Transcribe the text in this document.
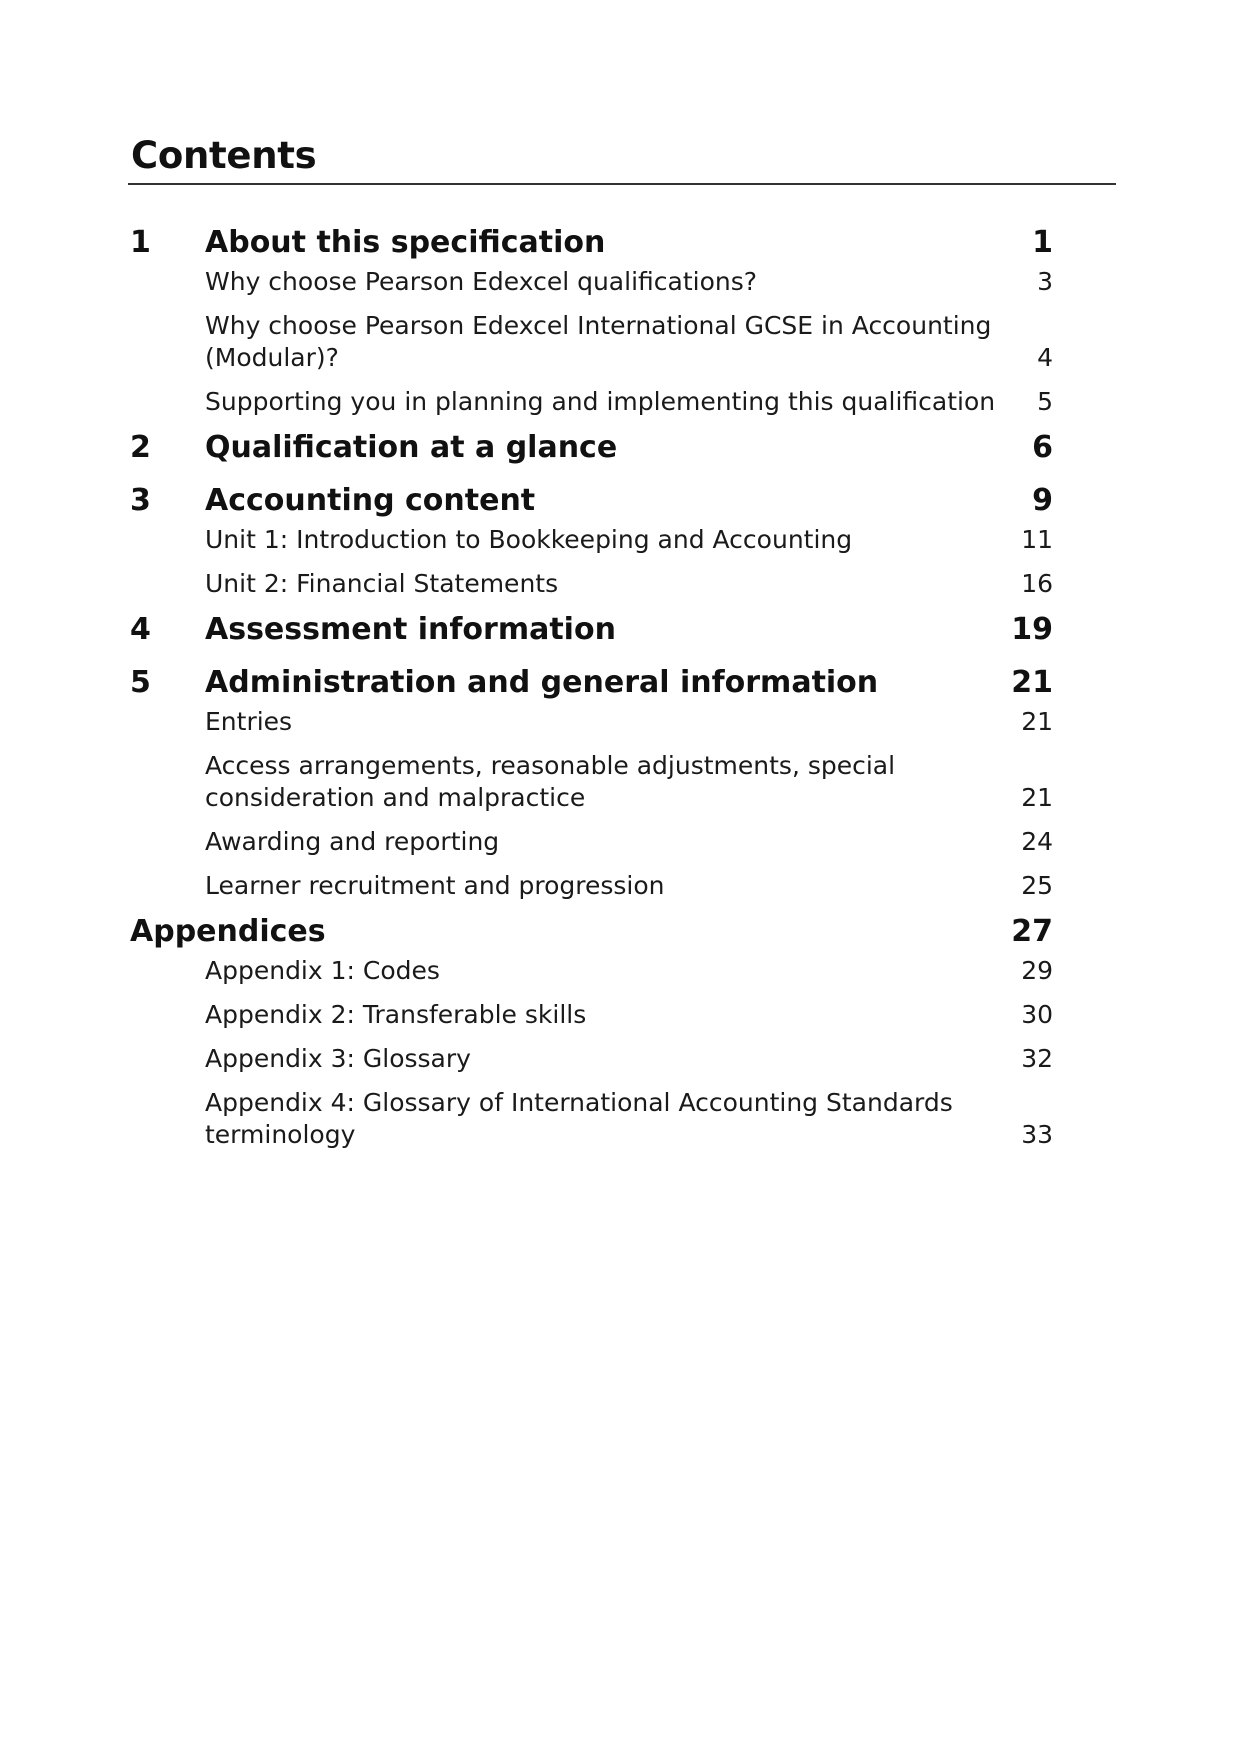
Contents
1 About this specification	1
Why choose Pearson Edexcel qualifications?	3
Why choose Pearson Edexcel International GCSE in Accounting (Modular)?	4
Supporting you in planning and implementing this qualification 5
2 Qualification at a glance	6
3 Accounting content	9
Unit 1: Introduction to Bookkeeping and Accounting	11
Unit 2: Financial Statements	16
4 Assessment information	19
5 Administration and general information	21
Entries	21
Access arrangements, reasonable adjustments, special consideration and malpractice	21
Awarding and reporting	24
Learner recruitment and progression	25
Appendices	27
Appendix 1: Codes	29
Appendix 2: Transferable skills	30
Appendix 3: Glossary	32
Appendix 4: Glossary of International Accounting Standards terminology	33
